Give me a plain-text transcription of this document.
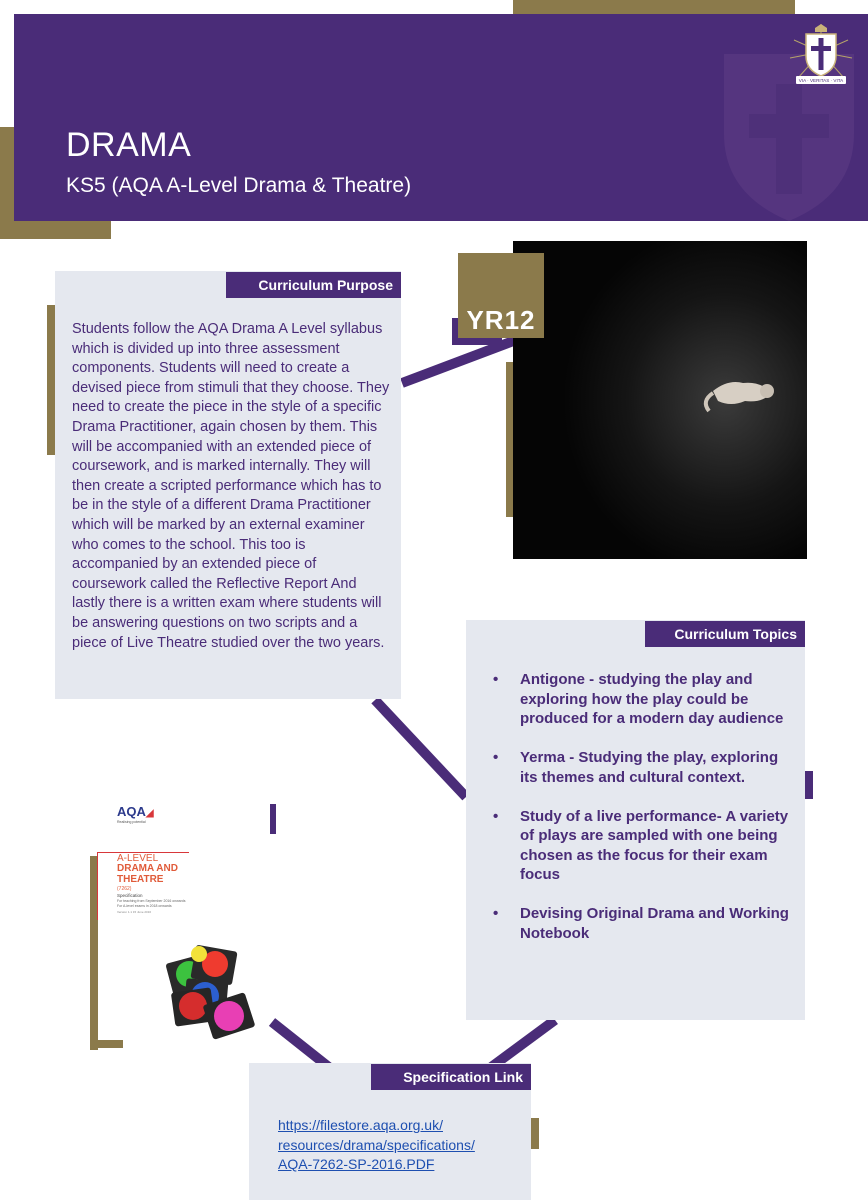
DRAMA
KS5 (AQA A-Level Drama & Theatre)
VIA · VERITAS · VITA
YR12
Curriculum Purpose
Students follow the AQA Drama A Level syllabus which is divided up into three assessment components. Students will need to create a devised piece from stimuli that they choose. They need to create the piece in the style of a specific Drama Practitioner, again chosen by them. This will be accompanied with an extended piece of coursework, and is marked internally. They will then create a scripted performance which has to be in the style of a different Drama Practitioner which will be marked by an external examiner who comes to the school. This too is accompanied by an extended piece of coursework called the Reflective Report And lastly there is a written exam where students will be answering questions on two scripts and a piece of Live Theatre studied over the two years.
Curriculum Topics
• Antigone - studying the play and exploring how the play could be produced for a modern day audience
• Yerma - Studying the play, exploring its themes and cultural context.
• Study of a live performance- A variety of plays are sampled with one being chosen as the focus for their exam focus
• Devising Original Drama and Working Notebook
Specification Link
https://filestore.aqa.org.uk/
resources/drama/specifications/
AQA-7262-SP-2016.PDF
AQA◢
Realising potential
A-LEVEL
DRAMA AND
THEATRE
(7262)
Specification
For teaching from September 2016 onwards
For A-level exams in 2018 onwards
Version 1.1 15 June 2016
